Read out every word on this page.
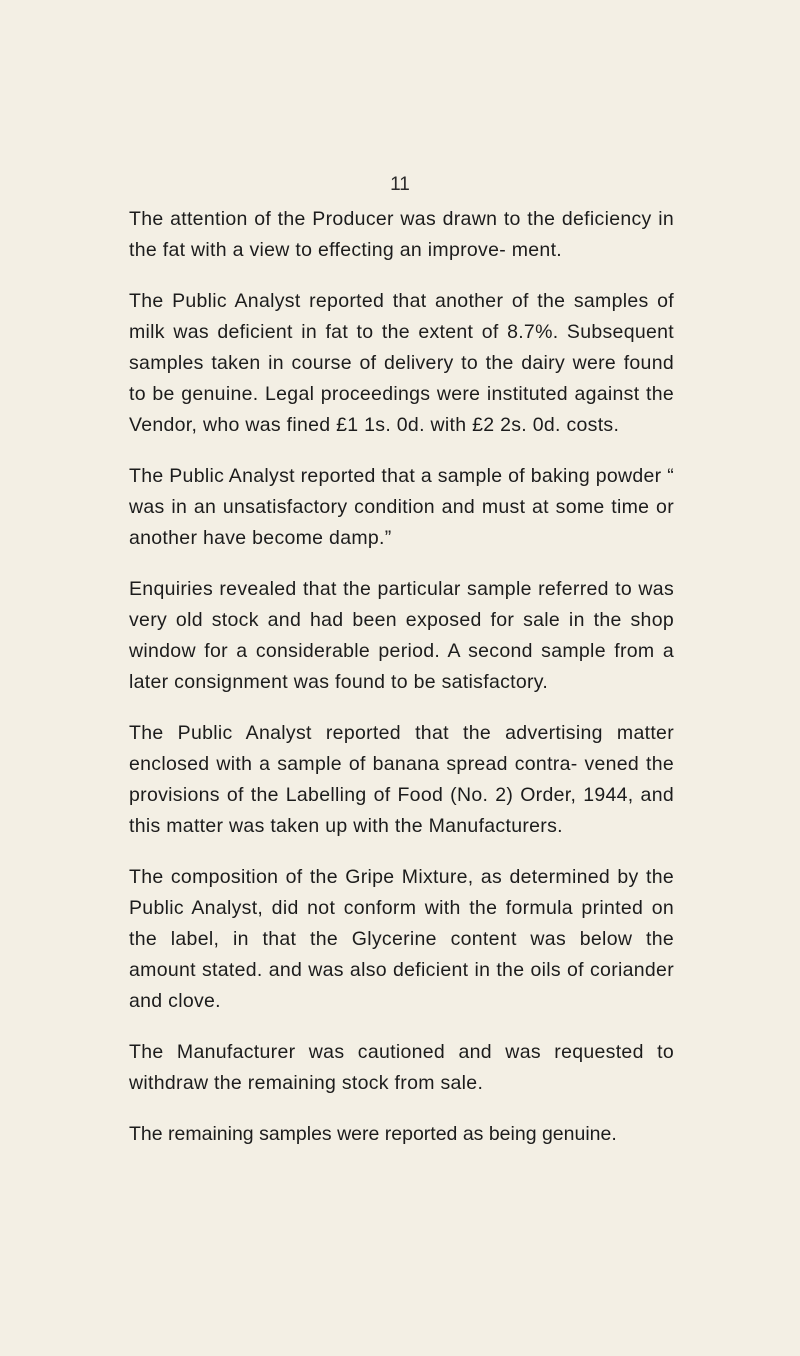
11

The attention of the Producer was drawn to the deficiency in the fat with a view to effecting an improve- ment.

The Public Analyst reported that another of the samples of milk was deficient in fat to the extent of 8.7%. Subsequent samples taken in course of delivery to the dairy were found to be genuine. Legal proceedings were instituted against the Vendor, who was fined £1 1s. 0d. with £2 2s. 0d. costs.

The Public Analyst reported that a sample of baking powder “ was in an unsatisfactory condition and must at some time or another have become damp.”

Enquiries revealed that the particular sample referred to was very old stock and had been exposed for sale in the shop window for a considerable period. A second sample from a later consignment was found to be satisfactory.

The Public Analyst reported that the advertising matter enclosed with a sample of banana spread contra- vened the provisions of the Labelling of Food (No. 2) Order, 1944, and this matter was taken up with the Manufacturers.

The composition of the Gripe Mixture, as determined by the Public Analyst, did not conform with the formula printed on the label, in that the Glycerine content was below the amount stated. and was also deficient in the oils of coriander and clove.

The Manufacturer was cautioned and was requested to withdraw the remaining stock from sale.

The remaining samples were reported as being genuine.
